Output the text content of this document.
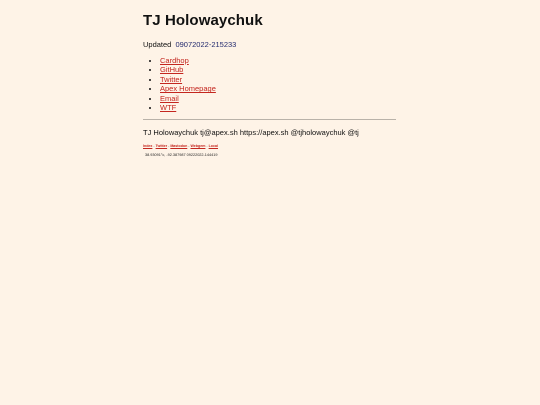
TJ Holowaychuk
Updated 09072022-215233
• Cardhop
• GitHub
• Twitter
• Apex Homepage
• Email
• WTF
TJ Holowaychuk tj@apex.sh https://apex.sh @tjholowaychuk @tj
Index-Twitter-Mastodon-Webgem-Local
38.93091°c, -92.387987 09222022-144419
